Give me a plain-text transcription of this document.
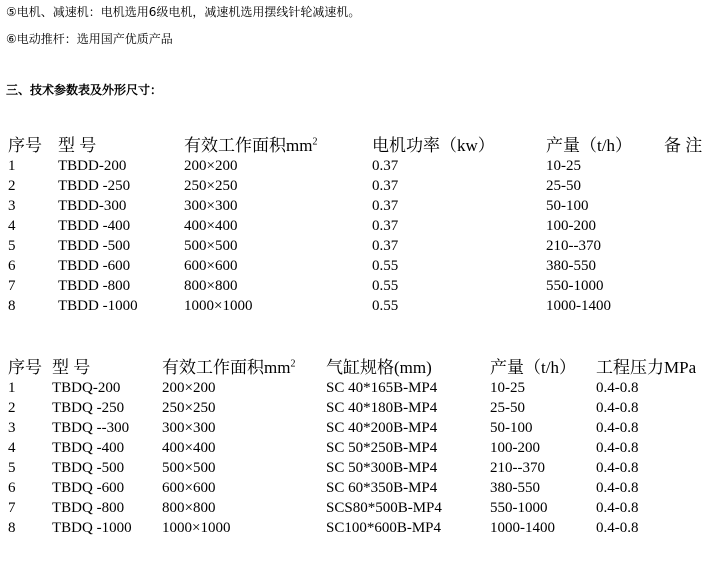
⑤电机、减速机：电机选用6级电机，减速机选用摆线针轮减速机。
⑥电动推杆：选用国产优质产品
三、技术参数表及外形尺寸：
序号	型 号	有效工作面积$mm^2$	电机功率（kw）	产量（t/h）	备 注
1	TBDD-200	200×200	0.37	10-25	
2	TBDD -250	250×250	0.37	25-50	
3	TBDD-300	300×300	0.37	50-100	
4	TBDD -400	400×400	0.37	100-200	
5	TBDD -500	500×500	0.37	210--370	
6	TBDD -600	600×600	0.55	380-550	
7	TBDD -800	800×800	0.55	550-1000	
8	TBDD -1000	1000×1000	0.55	1000-1400	
序号	型 号	有效工作面积$mm^2$	气缸规格(mm)	产量（t/h）	工程压力MPa
1	TBDQ-200	200×200	SC 40*165B-MP4	10-25	0.4-0.8
2	TBDQ -250	250×250	SC 40*180B-MP4	25-50	0.4-0.8
3	TBDQ --300	300×300	SC 40*200B-MP4	50-100	0.4-0.8
4	TBDQ -400	400×400	SC 50*250B-MP4	100-200	0.4-0.8
5	TBDQ -500	500×500	SC 50*300B-MP4	210--370	0.4-0.8
6	TBDQ -600	600×600	SC 60*350B-MP4	380-550	0.4-0.8
7	TBDQ -800	800×800	SCS80*500B-MP4	550-1000	0.4-0.8
8	TBDQ -1000	1000×1000	SC100*600B-MP4	1000-1400	0.4-0.8
